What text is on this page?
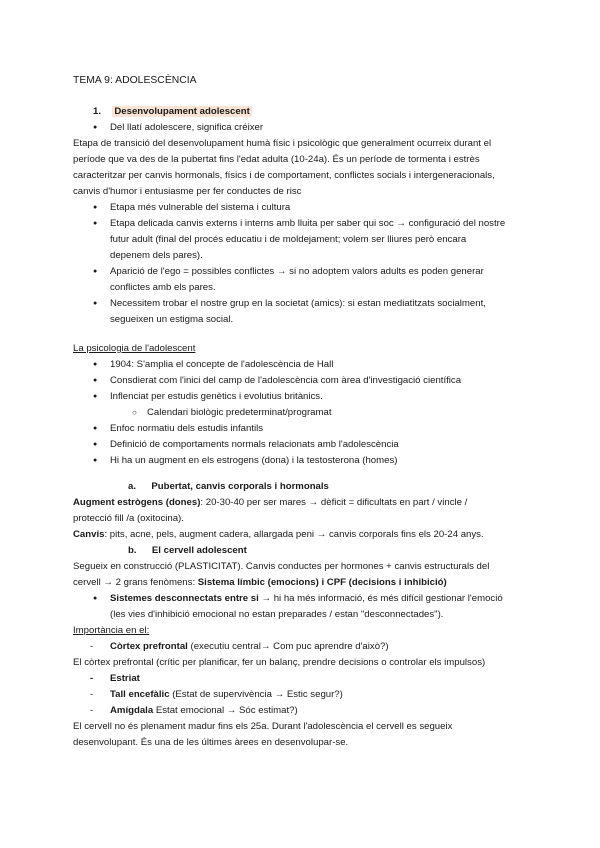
TEMA 9: ADOLESCÈNCIA
1. Desenvolupament adolescent
● Del llatí adolescere, significa créixer
Etapa de transició del desenvolupament humà físic i psicològic que generalment ocurreix durant el
període que va des de la pubertat fins l'edat adulta (10-24a). És un període de tormenta i estrès
caracteritzar per canvis hormonals, físics i de comportament, conflictes socials i intergeneracionals,
canvis d'humor i entusiasme per fer conductes de risc
● Etapa més vulnerable del sistema i cultura
● Etapa delicada canvis externs i interns amb lluita per saber qui soc → configuració del nostre
futur adult (final del procés educatiu i de moldejament; volem ser lliures però encara
depenem dels pares).
● Aparició de l'ego = possibles conflictes → si no adoptem valors adults es poden generar
conflictes amb els pares.
● Necessitem trobar el nostre grup en la societat (amics): si estan mediatitzats socialment,
segueixen un estigma social.
La psicologia de l'adolescent
● 1904: S'amplia el concepte de l'adolescència de Hall
● Consdierat com l'inici del camp de l'adolescència com àrea d'investigació científica
● Inflenciat per estudis genètics i evolutius britànics.
○ Calendari biològic predeterminat/programat
● Enfoc normatiu dels estudis infantils
● Definició de comportaments normals relacionats amb l'adolescència
● Hi ha un augment en els estrogens (dona) i la testosterona (homes)
a. Pubertat, canvis corporals i hormonals
Augment estrògens (dones): 20-30-40 per ser mares → dèficit = dificultats en part / vincle /
protecció fill /a (oxitocina).
Canvis: pits, acne, pels, augment cadera, allargada peni → canvis corporals fins els 20-24 anys.
b. El cervell adolescent
Segueix en construcció (PLASTICITAT). Canvis conductes per hormones + canvis estructurals del
cervell → 2 grans fenòmens: Sistema límbic (emocions) i CPF (decisions i inhibició)
● Sistemes desconnectats entre si → hi ha més informació, és més difícil gestionar l'emoció
(les vies d'inhibició emocional no estan preparades / estan "desconnectades").
Importància en el:
- Còrtex prefrontal (executiu central→ Com puc aprendre d'això?)
El còrtex prefrontal (crític per planificar, fer un balanç, prendre decisions o controlar els impulsos)
- Estriat
- Tall encefàlic (Estat de supervivència → Estic segur?)
- Amígdala Estat emocional → Sóc estimat?)
El cervell no és plenament madur fins els 25a. Durant l'adolescència el cervell es segueix
desenvolupant. És una de les últimes àrees en desenvolupar-se.
